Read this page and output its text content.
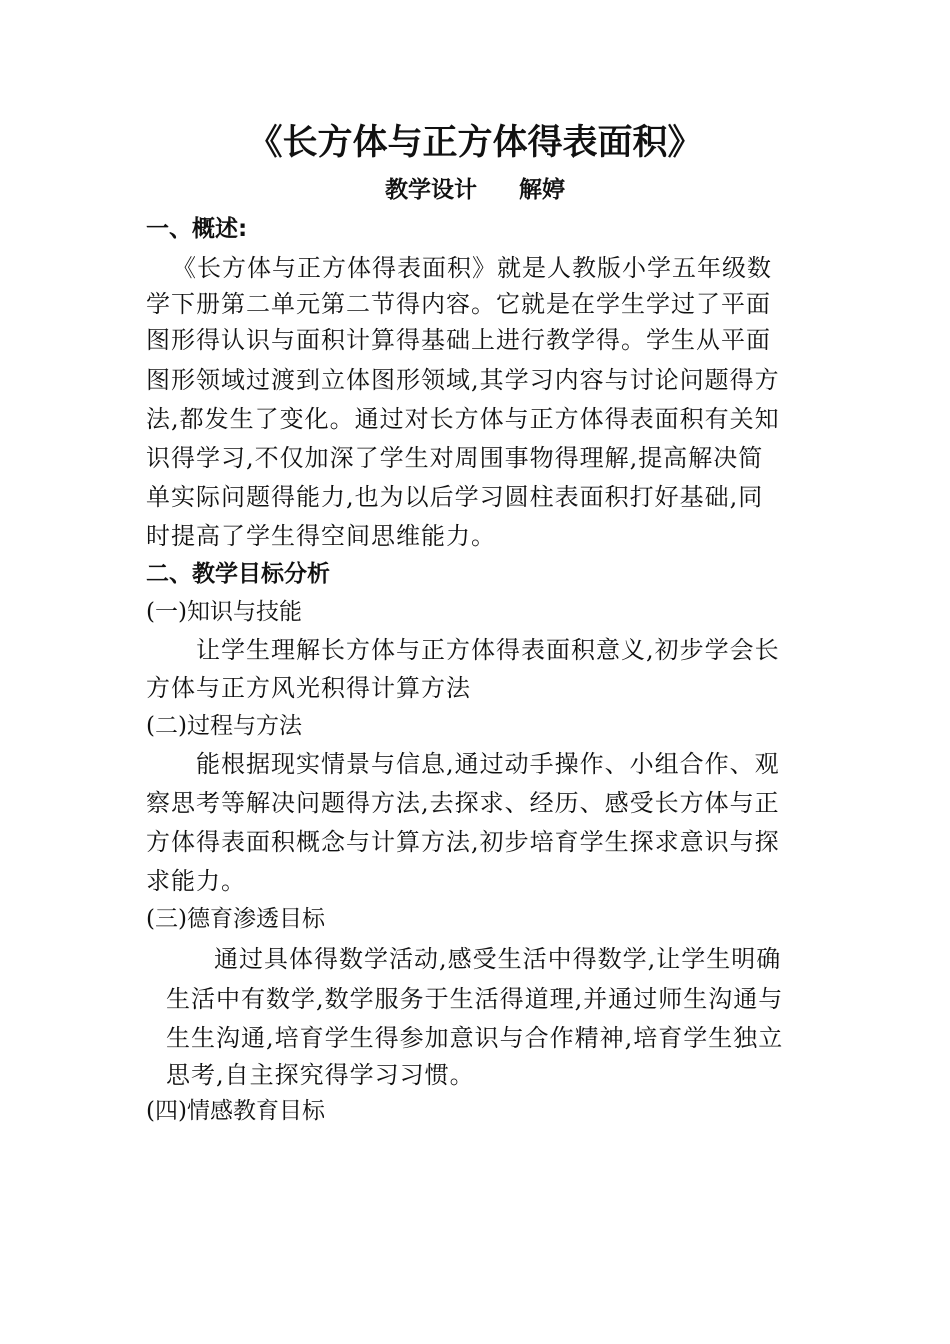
《长方体与正方体得表面积》
教学设计 解婷
一、概述:
《长方体与正方体得表面积》就是人教版小学五年级数
学下册第二单元第二节得内容。它就是在学生学过了平面
图形得认识与面积计算得基础上进行教学得。学生从平面
图形领域过渡到立体图形领域,其学习内容与讨论问题得方
法,都发生了变化。通过对长方体与正方体得表面积有关知
识得学习,不仅加深了学生对周围事物得理解,提高解决简
单实际问题得能力,也为以后学习圆柱表面积打好基础,同
时提高了学生得空间思维能力。
二、教学目标分析
(一)知识与技能
让学生理解长方体与正方体得表面积意义,初步学会长
方体与正方风光积得计算方法
(二)过程与方法
能根据现实情景与信息,通过动手操作、小组合作、观
察思考等解决问题得方法,去探求、经历、感受长方体与正
方体得表面积概念与计算方法,初步培育学生探求意识与探
求能力。
(三)德育渗透目标
通过具体得数学活动,感受生活中得数学,让学生明确
生活中有数学,数学服务于生活得道理,并通过师生沟通与
生生沟通,培育学生得参加意识与合作精神,培育学生独立
思考,自主探究得学习习惯。
(四)情感教育目标
